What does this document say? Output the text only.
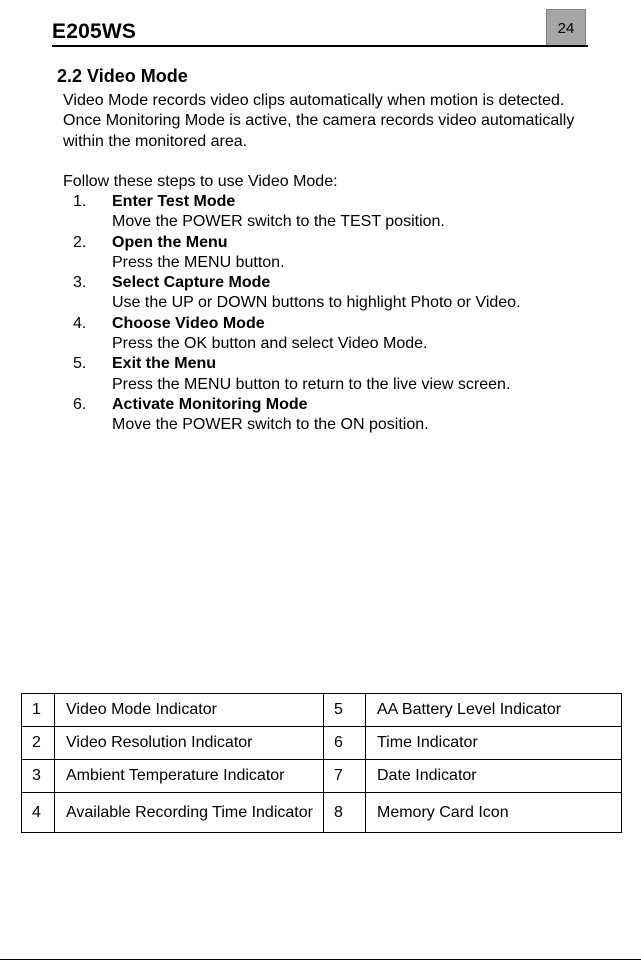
E205WS	24
2.2 Video Mode

Video Mode records video clips automatically when motion is detected. Once Monitoring Mode is active, the camera records video automatically within the monitored area.

Follow these steps to use Video Mode:

1. Enter Test Mode
Move the POWER switch to the TEST position.
2. Open the Menu
Press the MENU button.
3. Select Capture Mode
Use the UP or DOWN buttons to highlight Photo or Video.
4. Choose Video Mode
Press the OK button and select Video Mode.
5. Exit the Menu
Press the MENU button to return to the live view screen.
6. Activate Monitoring Mode
Move the POWER switch to the ON position.
1	Video Mode Indicator	5	AA Battery Level Indicator
2	Video Resolution Indicator	6	Time Indicator
3	Ambient Temperature Indicator	7	Date Indicator
4	Available Recording Time Indicator	8	Memory Card Icon
